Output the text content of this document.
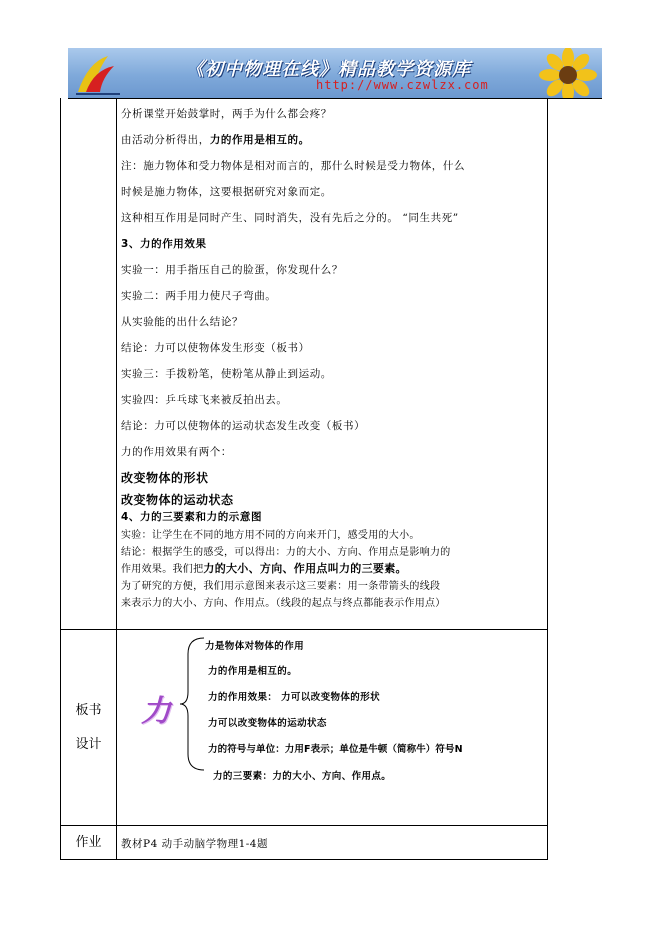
《初中物理在线》精品教学资源库
http://www.czwlzx.com
分析课堂开始鼓掌时，两手为什么都会疼？
由活动分析得出，力的作用是相互的。
注：施力物体和受力物体是相对而言的，那什么时候是受力物体，什么
时候是施力物体，这要根据研究对象而定。
这种相互作用是同时产生、同时消失，没有先后之分的。 “同生共死”
3、力的作用效果
实验一：用手指压自己的脸蛋，你发现什么？
实验二：两手用力使尺子弯曲。
从实验能的出什么结论？
结论：力可以使物体发生形变（板书）
实验三：手拨粉笔，使粉笔从静止到运动。
实验四：乒乓球飞来被反拍出去。
结论：力可以使物体的运动状态发生改变（板书）
力的作用效果有两个：
改变物体的形状
改变物体的运动状态
4、力的三要素和力的示意图
实验：让学生在不同的地方用不同的方向来开门，感受用的大小。
结论：根据学生的感受，可以得出：力的大小、方向、作用点是影响力的
作用效果。我们把力的大小、方向、作用点叫力的三要素。
为了研究的方便，我们用示意图来表示这三要素：用一条带箭头的线段
来表示力的大小、方向、作用点。（线段的起点与终点都能表示作用点）
板书
设计
力
力是物体对物体的作用
力的作用是相互的。
力的作用效果： 力可以改变物体的形状
力可以改变物体的运动状态
力的符号与单位：力用F表示；单位是牛顿（简称牛）符号N
力的三要素：力的大小、方向、作用点。
作业	教材P4 动手动脑学物理1-4题
